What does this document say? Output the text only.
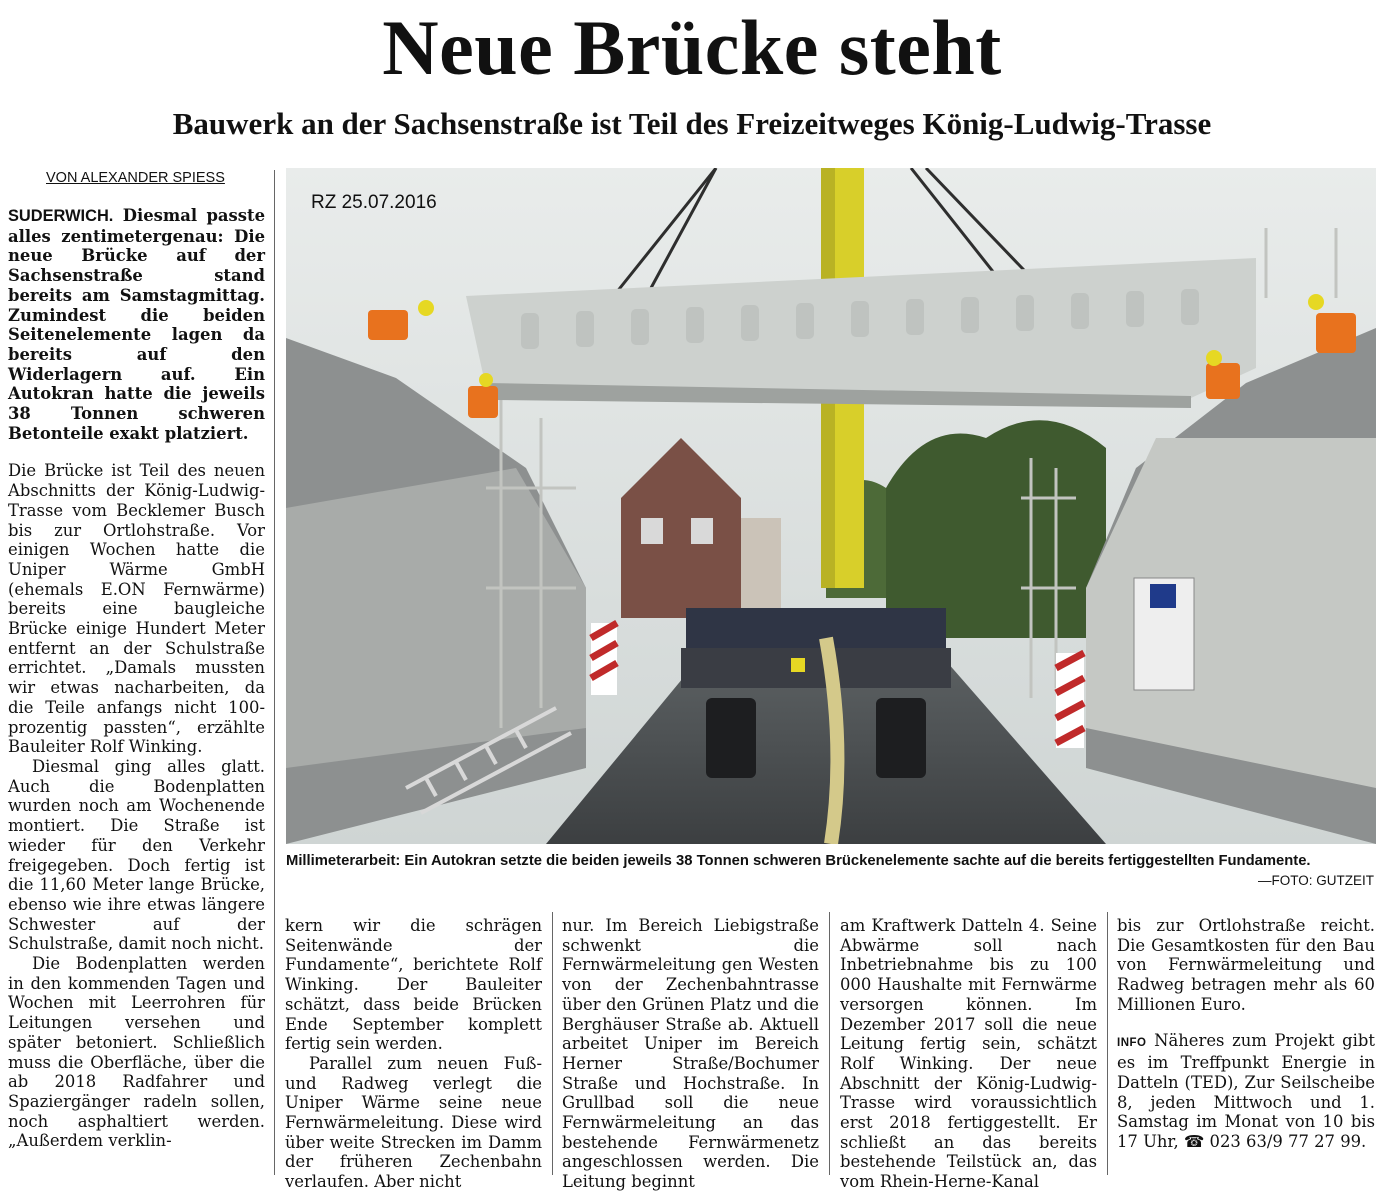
Neue Brücke steht
Bauwerk an der Sachsenstraße ist Teil des Freizeitweges König-Ludwig-Trasse
VON ALEXANDER SPIESS

SUDERWICH. Diesmal passte alles zentimetergenau: Die neue Brücke auf der Sachsenstraße stand bereits am Samstagmittag. Zumindest die beiden Seitenelemente lagen da bereits auf den Widerlagern auf. Ein Autokran hatte die jeweils 38 Tonnen schweren Betonteile exakt platziert.

Die Brücke ist Teil des neuen Abschnitts der König-Ludwig-Trasse vom Becklemer Busch bis zur Ortlohstraße. Vor einigen Wochen hatte die Uniper Wärme GmbH (ehemals E.ON Fernwärme) bereits eine baugleiche Brücke einige Hundert Meter entfernt an der Schulstraße errichtet. „Damals mussten wir etwas nacharbeiten, da die Teile anfangs nicht 100-prozentig passten“, erzählte Bauleiter Rolf Winking.

Diesmal ging alles glatt. Auch die Bodenplatten wurden noch am Wochenende montiert. Die Straße ist wieder für den Verkehr freigegeben. Doch fertig ist die 11,60 Meter lange Brücke, ebenso wie ihre etwas längere Schwester auf der Schulstraße, damit noch nicht.

Die Bodenplatten werden in den kommenden Tagen und Wochen mit Leerrohren für Leitungen versehen und später betoniert. Schließlich muss die Oberfläche, über die ab 2018 Radfahrer und Spaziergänger radeln sollen, noch asphaltiert werden. „Außerdem verklin-

RZ 25.07.2016
Millimeterarbeit: Ein Autokran setzte die beiden jeweils 38 Tonnen schweren Brückenelemente sachte auf die bereits fertiggestellten Fundamente.
—FOTO: GUTZEIT

kern wir die schrägen Seitenwände der Fundamente“, berichtete Rolf Winking. Der Bauleiter schätzt, dass beide Brücken Ende September komplett fertig sein werden.

Parallel zum neuen Fuß- und Radweg verlegt die Uniper Wärme seine neue Fernwärmeleitung. Diese wird über weite Strecken im Damm der früheren Zechenbahn verlaufen. Aber nicht

nur. Im Bereich Liebigstraße schwenkt die Fernwärmeleitung gen Westen von der Zechenbahntrasse über den Grünen Platz und die Berghäuser Straße ab. Aktuell arbeitet Uniper im Bereich Herner Straße/Bochumer Straße und Hochstraße. In Grullbad soll die neue Fernwärmeleitung an das bestehende Fernwärmenetz angeschlossen werden. Die Leitung beginnt

am Kraftwerk Datteln 4. Seine Abwärme soll nach Inbetriebnahme bis zu 100 000 Haushalte mit Fernwärme versorgen können. Im Dezember 2017 soll die neue Leitung fertig sein, schätzt Rolf Winking. Der neue Abschnitt der König-Ludwig-Trasse wird voraussichtlich erst 2018 fertiggestellt. Er schließt an das bereits bestehende Teilstück an, das vom Rhein-Herne-Kanal

bis zur Ortlohstraße reicht. Die Gesamtkosten für den Bau von Fernwärmeleitung und Radweg betragen mehr als 60 Millionen Euro.

INFO Näheres zum Projekt gibt es im Treffpunkt Energie in Datteln (TED), Zur Seilscheibe 8, jeden Mittwoch und 1. Samstag im Monat von 10 bis 17 Uhr, ☎ 023 63/9 77 27 99.
